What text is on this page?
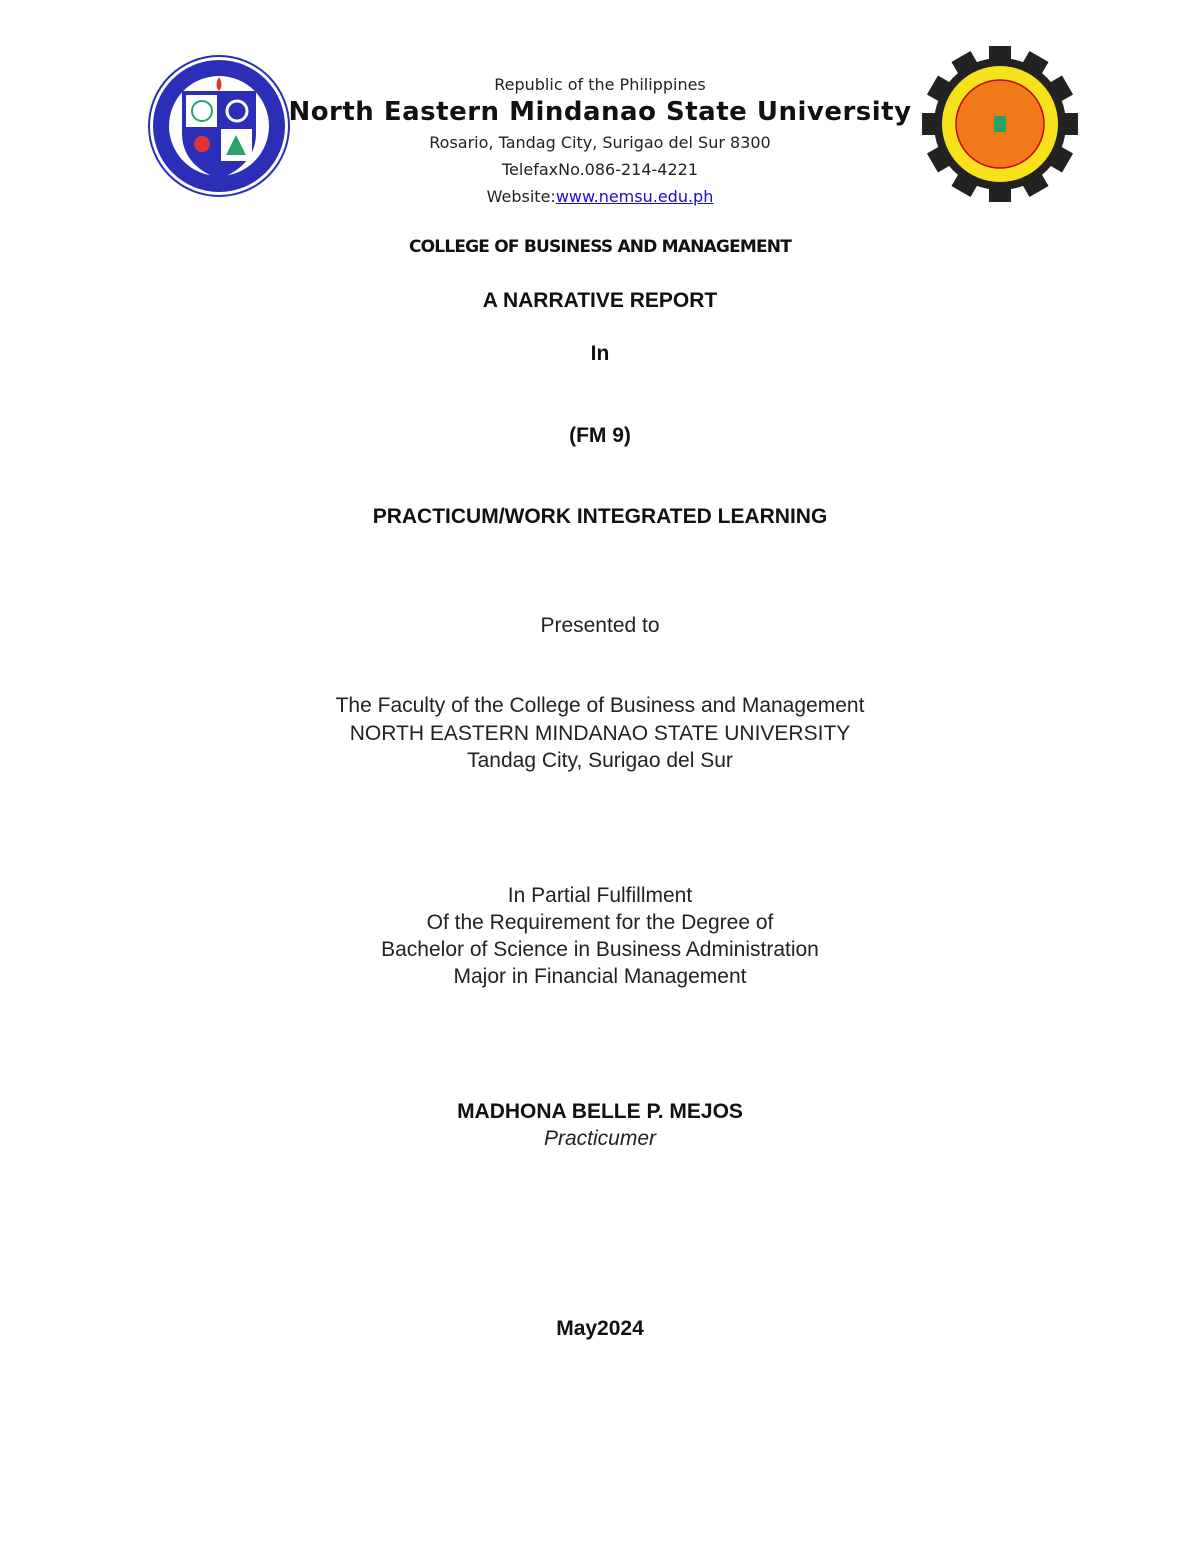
Republic of the Philippines
North Eastern Mindanao State University
Rosario, Tandag City, Surigao del Sur 8300
TelefaxNo.086-214-4221
Website:www.nemsu.edu.ph
COLLEGE OF BUSINESS AND MANAGEMENT
A NARRATIVE REPORT
In
(FM 9)
PRACTICUM/WORK INTEGRATED LEARNING
Presented to
The Faculty of the College of Business and Management
NORTH EASTERN MINDANAO STATE UNIVERSITY
Tandag City, Surigao del Sur
In Partial Fulfillment
Of the Requirement for the Degree of
Bachelor of Science in Business Administration
Major in Financial Management
MADHONA BELLE P. MEJOS
Practicumer
May2024
